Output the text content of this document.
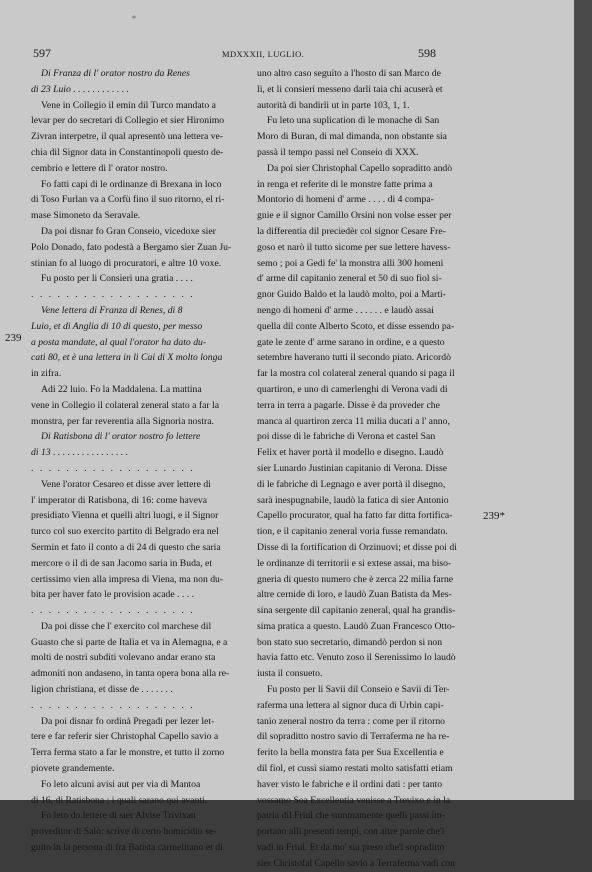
*
597	MDXXXII, LUGLIO.	598
239
239*

Di Franza di l' orator nostro da Renes

di 23 Luio . . . . . . . . . . . .

Vene in Collegio il emin dil Turco mandato a

levar per do secretari di Collegio et sier Hironimo

Zivran interpetre, il qual apresentò una lettera ve-

chia dil Signor data in Constantinopoli questo de-

cembrio e lettere di l' orator nostro.

Fo fatti capi di le ordinanze di Brexana in loco

di Toso Furlan va a Corfù fino il suo ritorno, el ri-

mase Simoneto da Seravale.

Da poi disnar fo Gran Conseio, vicedoxe sier

Polo Donado, fato podestà a Bergamo sier Zuan Ju-

stinian fo al luogo di procuratori, e altre 10 voxe.

Fu posto per li Consieri una gratia . . . .

. . . . . . . . . . . . . . . . . . .

Vene lettera di Franza di Renes, di 8

Luio, et di Anglia di 10 di questo, per messo

a posta mandate, al qual l'orator ha dato du-

cati 80, et è una lettera in li Cai di X molto longa

in zifra.

Adi 22 luio. Fo la Maddalena. La mattina

vene in Collegio il colateral zeneral stato a far la

monstra, per far reverentia alla Signoria nostra.

Di Ratisbona di l' orator nostro fo lettere

di 13 . . . . . . . . . . . . . . . .

. . . . . . . . . . . . . . . . . . .

Vene l'orator Cesareo et disse aver lettere di

l' imperator di Ratisbona, di 16: come haveva

presidiato Vienna et quelli altri luogi, e il Signor

turco col suo exercito partito di Belgrado era nel

Sermin et fato il conto a di 24 di questo che saria

mercore o il di de san Jacomo saria in Buda, et

certissimo vien alla impresa di Viena, ma non du-

bita per haver fato le provision acade . . . .

. . . . . . . . . . . . . . . . . . .

Da poi disse che l' exercito col marchese dil

Guasto che si parte de Italia et va in Alemagna, e a

molti de nostri subditi volevano andar erano sta

admoniti non andaseno, in tanta opera bona alla re-

ligion christiana, et disse de . . . . . . .

. . . . . . . . . . . . . . . . . . .

Da poi disnar fo ordinà Pregadi per lezer let-

tere e far referir sier Christophal Capello savio a

Terra ferma stato a far le monstre, et tutto il zorno

piovete grandemente.

Fo leto alcuni avisi aut per via di Mantoa

di 16, di Ratisbona ; i quali sarano qui avanti.

Fo leto do lettere di sier Alvise Trivixan

proveditor di Salò: scrive di certo homicidio se-

guito in la persona di fra Batista carmelitano et di

uno altro caso seguito a l'hosto di san Marco de

lì, et li consieri messeno darli taia chi acuserà et

autorità di bandirli ut in parte 103, 1, 1.

Fu leto una suplication di le monache di San

Moro di Buran, di mal dimanda, non obstante sia

passà il tempo passi nel Conseio di XXX.

Da poi sier Christophal Capello sopraditto andò

in renga et referite di le monstre fatte prima a

Montorio di homeni d' arme . . . . di 4 compa-

gnie e il signor Camillo Orsini non volse esser per

la differentia dil preciedèr col signor Cesare Fre-

goso et narò il tutto sicome per sue lettere havess-

semo ; poi a Gedi fe' la monstra alli 300 homeni

d' arme dil capitanio zeneral et 50 di suo fiol si-

gnor Guido Baldo et la laudò molto, poi a Marti-

nengo di homeni d' arme . . . . . . e laudò assai

quella dil conte Alberto Scoto, et disse essendo pa-

gate le zente d' arme sarano in ordine, e a questo

setembre haverano tutti il secondo piato. Aricordò

far la mostra col colateral zeneral quando si paga il

quartiron, e uno di camerlenghi di Verona vadi di

terra in terra a pagarle. Disse è da proveder che

manca al quartiron zerca 11 milia ducati a l' anno,

poi disse di le fabriche di Verona et castel San

Felix et haver portà il modello e disegno. Laudò

sier Lunardo Justinian capitanio di Verona. Disse

di le fabriche di Legnago e aver portà il disegno,

sarà inespugnabile, laudò la fatica di sier Antonio

Capello procurator, qual ha fatto far ditta fortifica-

tion, e il capitanio zeneral voria fusse remandato.

Disse di la fortification di Orzinuovi; et disse poi di

le ordinanze di territorii e si extese assai, ma biso-

gneria di questo numero che è zerca 22 milia farne

altre cernide di loro, e laudò Zuan Batista da Mes-

sina sergente dil capitanio zeneral, qual ha grandis-

sima pratica a questo. Laudò Zuan Francesco Otto-

bon stato suo secretario, dimandò perdon si non

havia fatto etc. Venuto zoso il Serenissimo lo laudò

iusta il consueto.

Fu posto per li Savii dil Conseio e Savii di Ter-

raferma una lettera al signor duca di Urbin capi-

tanio zeneral nostro da terra : come per il ritorno

dil sopraditto nostro savio di Terraferma ne ha re-

ferito la bella monstra fata per Sua Excellentia e

dil fiol, et cussì siamo restati molto satisfatti etiam

haver visto le fabriche e il ordini dati : per tanto

vossamo Soa Excellentia venisse a Trevixo e in la

patria dil Friul che summamente quelli passi im-

portano alli presenti tempi, con altre parole che'l

vadi in Friul. Et da mo' sia preso che'l sopraditto

sier Christofal Capello savio a Terraferma vadi con
